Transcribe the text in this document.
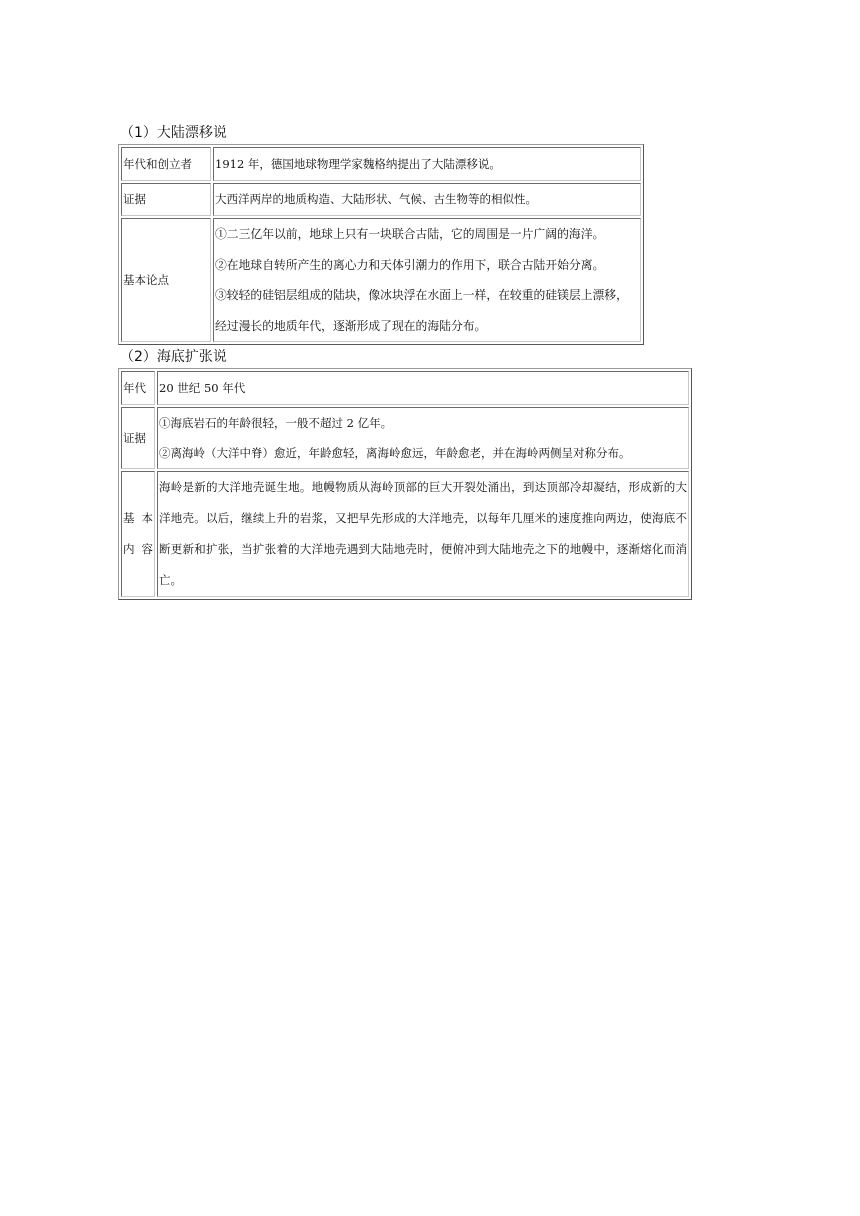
（1）大陆漂移说
年代和创立者	1912 年，德国地球物理学家魏格纳提出了大陆漂移说。
证据	大西洋两岸的地质构造、大陆形状、气候、古生物等的相似性。
基本论点	①二三亿年以前，地球上只有一块联合古陆，它的周围是一片广阔的海洋。
②在地球自转所产生的离心力和天体引潮力的作用下，联合古陆开始分离。
③较轻的硅铝层组成的陆块，像冰块浮在水面上一样，在较重的硅镁层上漂移，经过漫长的地质年代，逐渐形成了现在的海陆分布。
（2）海底扩张说
年代	20 世纪 50 年代
证据	①海底岩石的年龄很轻，一般不超过 2 亿年。
②离海岭（大洋中脊）愈近，年龄愈轻，离海岭愈远，年龄愈老，并在海岭两侧呈对称分布。

基 本 内容	海岭是新的大洋地壳诞生地。地幔物质从海岭顶部的巨大开裂处涌出，到达顶部冷却凝结，形成新的大洋地壳。以后，继续上升的岩浆，又把早先形成的大洋地壳，以每年几厘米的速度推向两边，使海底不断更新和扩张，当扩张着的大洋地壳遇到大陆地壳时，便俯冲到大陆地壳之下的地幔中，逐渐熔化而消亡。
